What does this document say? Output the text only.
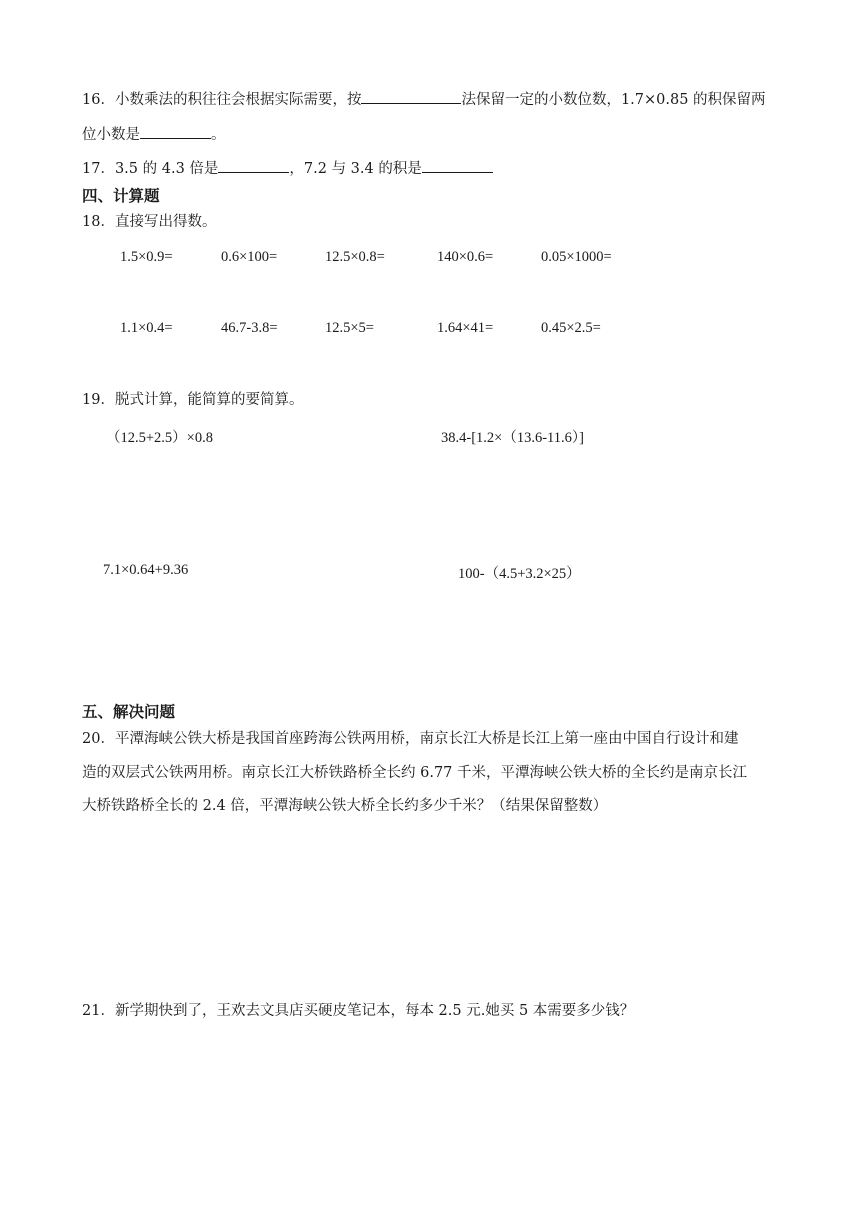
16．小数乘法的积往往会根据实际需要，按	法保留一定的小数位数，1.7×0.85 的积保留两
位小数是	。
17．3.5 的 4.3 倍是	，7.2 与 3.4 的积是
四、计算题
18．直接写出得数。
1.5×0.9=	0.6×100=	12.5×0.8=	140×0.6=	0.05×1000=
1.1×0.4=	46.7-3.8=	12.5×5=	1.64×41=	0.45×2.5=
19．脱式计算，能简算的要简算。
（12.5+2.5）×0.8	38.4-[1.2×（13.6-11.6）]
7.1×0.64+9.36	100-（4.5+3.2×25）
五、解决问题
20．平潭海峡公铁大桥是我国首座跨海公铁两用桥，南京长江大桥是长江上第一座由中国自行设计和建
造的双层式公铁两用桥。南京长江大桥铁路桥全长约 6.77 千米，平潭海峡公铁大桥的全长约是南京长江
大桥铁路桥全长的 2.4 倍，平潭海峡公铁大桥全长约多少千米？（结果保留整数）
21．新学期快到了，王欢去文具店买硬皮笔记本，每本 2.5 元.她买 5 本需要多少钱？
